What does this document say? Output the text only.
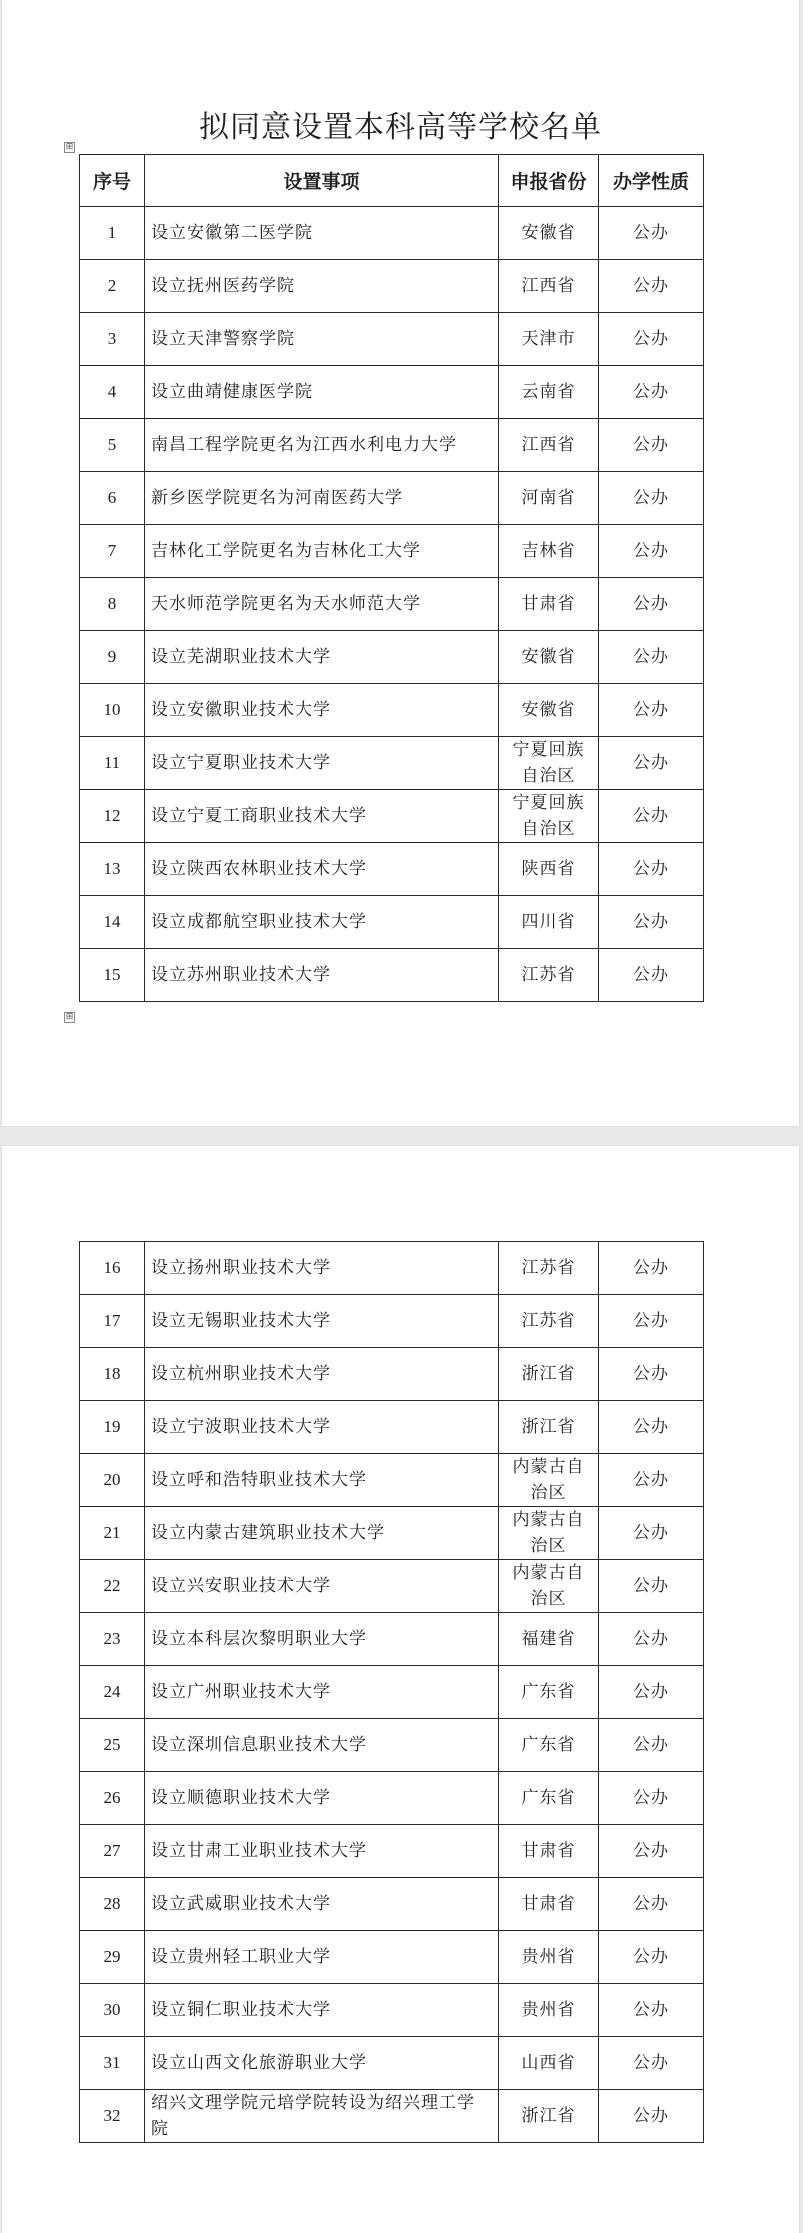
拟同意设置本科高等学校名单
⊞
序号	设置事项	申报省份	办学性质
1	设立安徽第二医学院	安徽省	公办
2	设立抚州医药学院	江西省	公办
3	设立天津警察学院	天津市	公办
4	设立曲靖健康医学院	云南省	公办
5	南昌工程学院更名为江西水利电力大学	江西省	公办
6	新乡医学院更名为河南医药大学	河南省	公办
7	吉林化工学院更名为吉林化工大学	吉林省	公办
8	天水师范学院更名为天水师范大学	甘肃省	公办
9	设立芜湖职业技术大学	安徽省	公办
10	设立安徽职业技术大学	安徽省	公办
11	设立宁夏职业技术大学	宁夏回族自治区	公办
12	设立宁夏工商职业技术大学	宁夏回族自治区	公办
13	设立陕西农林职业技术大学	陕西省	公办
14	设立成都航空职业技术大学	四川省	公办
15	设立苏州职业技术大学	江苏省	公办
⊞
16	设立扬州职业技术大学	江苏省	公办
17	设立无锡职业技术大学	江苏省	公办
18	设立杭州职业技术大学	浙江省	公办
19	设立宁波职业技术大学	浙江省	公办
20	设立呼和浩特职业技术大学	内蒙古自治区	公办
21	设立内蒙古建筑职业技术大学	内蒙古自治区	公办
22	设立兴安职业技术大学	内蒙古自治区	公办
23	设立本科层次黎明职业大学	福建省	公办
24	设立广州职业技术大学	广东省	公办
25	设立深圳信息职业技术大学	广东省	公办
26	设立顺德职业技术大学	广东省	公办
27	设立甘肃工业职业技术大学	甘肃省	公办
28	设立武威职业技术大学	甘肃省	公办
29	设立贵州轻工职业大学	贵州省	公办
30	设立铜仁职业技术大学	贵州省	公办
31	设立山西文化旅游职业大学	山西省	公办
32	绍兴文理学院元培学院转设为绍兴理工学院	浙江省	公办
